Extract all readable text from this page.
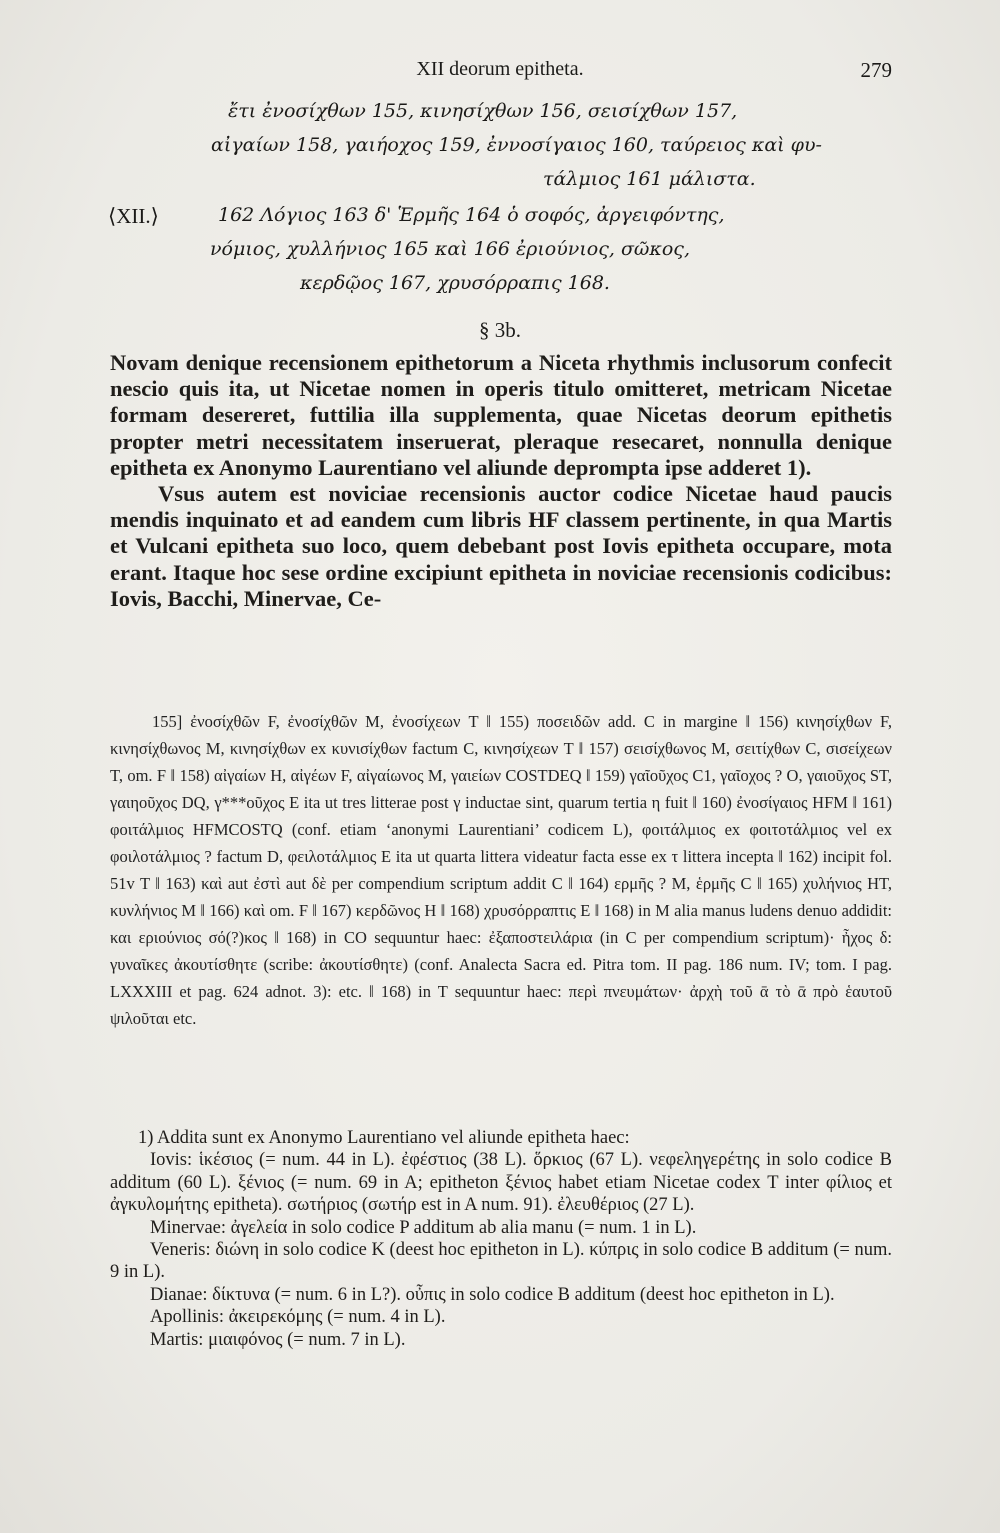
XII deorum epitheta.	279
ἔτι ἐνοσίχθων 155, κινησίχθων 156, σεισίχθων 157,
αἰγαίων 158, γαιήοχος 159, ἐννοσίγαιος 160, ταύρειος καὶ φυ-
τάλμιος 161 μάλιστα.
⟨XII.⟩	162 Λόγιος 163 δ' Ἑρμῆς 164 ὁ σοφός, ἀργειφόντης,
νόμιος, χυλλήνιος 165 καὶ 166 ἐριούνιος, σῶκος,
κερδῷος 167, χρυσόρραπις 168.
§ 3b.

Novam denique recensionem epithetorum a Niceta rhythmis inclusorum confecit nescio quis ita, ut Nicetae nomen in operis titulo omitteret, metricam Nicetae formam desereret, futtilia illa supplementa, quae Nicetas deorum epithetis propter metri necessitatem inseruerat, pleraque resecaret, nonnulla denique epitheta ex Anonymo Laurentiano vel aliunde deprompta ipse adderet 1).

Vsus autem est noviciae recensionis auctor codice Nicetae haud paucis mendis inquinato et ad eandem cum libris HF classem pertinente, in qua Martis et Vulcani epitheta suo loco, quem debebant post Iovis epitheta occupare, mota erant. Itaque hoc sese ordine excipiunt epitheta in noviciae recensionis codicibus: Iovis, Bacchi, Minervae, Ce-

155] ἐνοσίχθῶν F, ἐνοσίχθῶν M, ἐνοσίχεων T ‖ 155) ποσειδῶν add. C in margine ‖ 156) κινησίχθων F, κινησίχθωνος M, κινησίχθων ex κυνισίχθων factum C, κινησίχεων T ‖ 157) σεισίχθωνος M, σειτίχθων C, σισείχεων T, om. F ‖ 158) αἰγαίων H, αἰγέων F, αἰγαίωνος M, γαιείων COSTDEQ ‖ 159) γαῖοῦχος C1, γαῖοχος ? O, γαιοῦχος ST, γαιηοῦχος DQ, γ***οῦχος E ita ut tres litterae post γ inductae sint, quarum tertia η fuit ‖ 160) ἐνοσίγαιος HFM ‖ 161) φοιτάλμιος HFMCOSTQ (conf. etiam ‘anonymi Laurentiani’ codicem L), φοιτάλμιος ex φοιτοτάλμιος vel ex φοιλοτάλμιος ? factum D, φειλοτάλμιος E ita ut quarta littera videatur facta esse ex τ littera incepta ‖ 162) incipit fol. 51v T ‖ 163) καὶ aut ἐστὶ aut δὲ per compendium scriptum addit C ‖ 164) ερμῆς ? M, ἑρμῆς C ‖ 165) χυλήνιος HT, κυνλήνιος M ‖ 166) καὶ om. F ‖ 167) κερδῶνος H ‖ 168) χρυσόρραπτις E ‖ 168) in M alia manus ludens denuo addidit: και εριούνιος σό(?)κος ‖ 168) in CO sequuntur haec: ἐξαποστειλάρια (in C per compendium scriptum)· ἦχος δ: γυναῖκες ἀκουτίσθητε (scribe: ἀκουτίσθητε) (conf. Analecta Sacra ed. Pitra tom. II pag. 186 num. IV; tom. I pag. LXXXIII et pag. 624 adnot. 3): etc. ‖ 168) in T sequuntur haec: περὶ πνευμάτων· ἀρχὴ τοῦ ᾱ τὸ ᾱ πρὸ ἑαυτοῦ ψιλοῦται etc.

1) Addita sunt ex Anonymo Laurentiano vel aliunde epitheta haec:

Iovis: ἱκέσιος (= num. 44 in L). ἐφέστιος (38 L). ὅρκιος (67 L). νεφεληγερέτης in solo codice B additum (60 L). ξένιος (= num. 69 in A; epitheton ξένιος habet etiam Nicetae codex T inter φίλιος et ἀγκυλομήτης epitheta). σωτήριος (σωτήρ est in A num. 91). ἐλευθέριος (27 L).

Minervae: ἀγελεία in solo codice P additum ab alia manu (= num. 1 in L).

Veneris: διώνη in solo codice K (deest hoc epitheton in L). κύπρις in solo codice B additum (= num. 9 in L).

Dianae: δίκτυνα (= num. 6 in L?). οὖπις in solo codice B additum (deest hoc epitheton in L).

Apollinis: ἀκειρεκόμης (= num. 4 in L).

Martis: μιαιφόνος (= num. 7 in L).
